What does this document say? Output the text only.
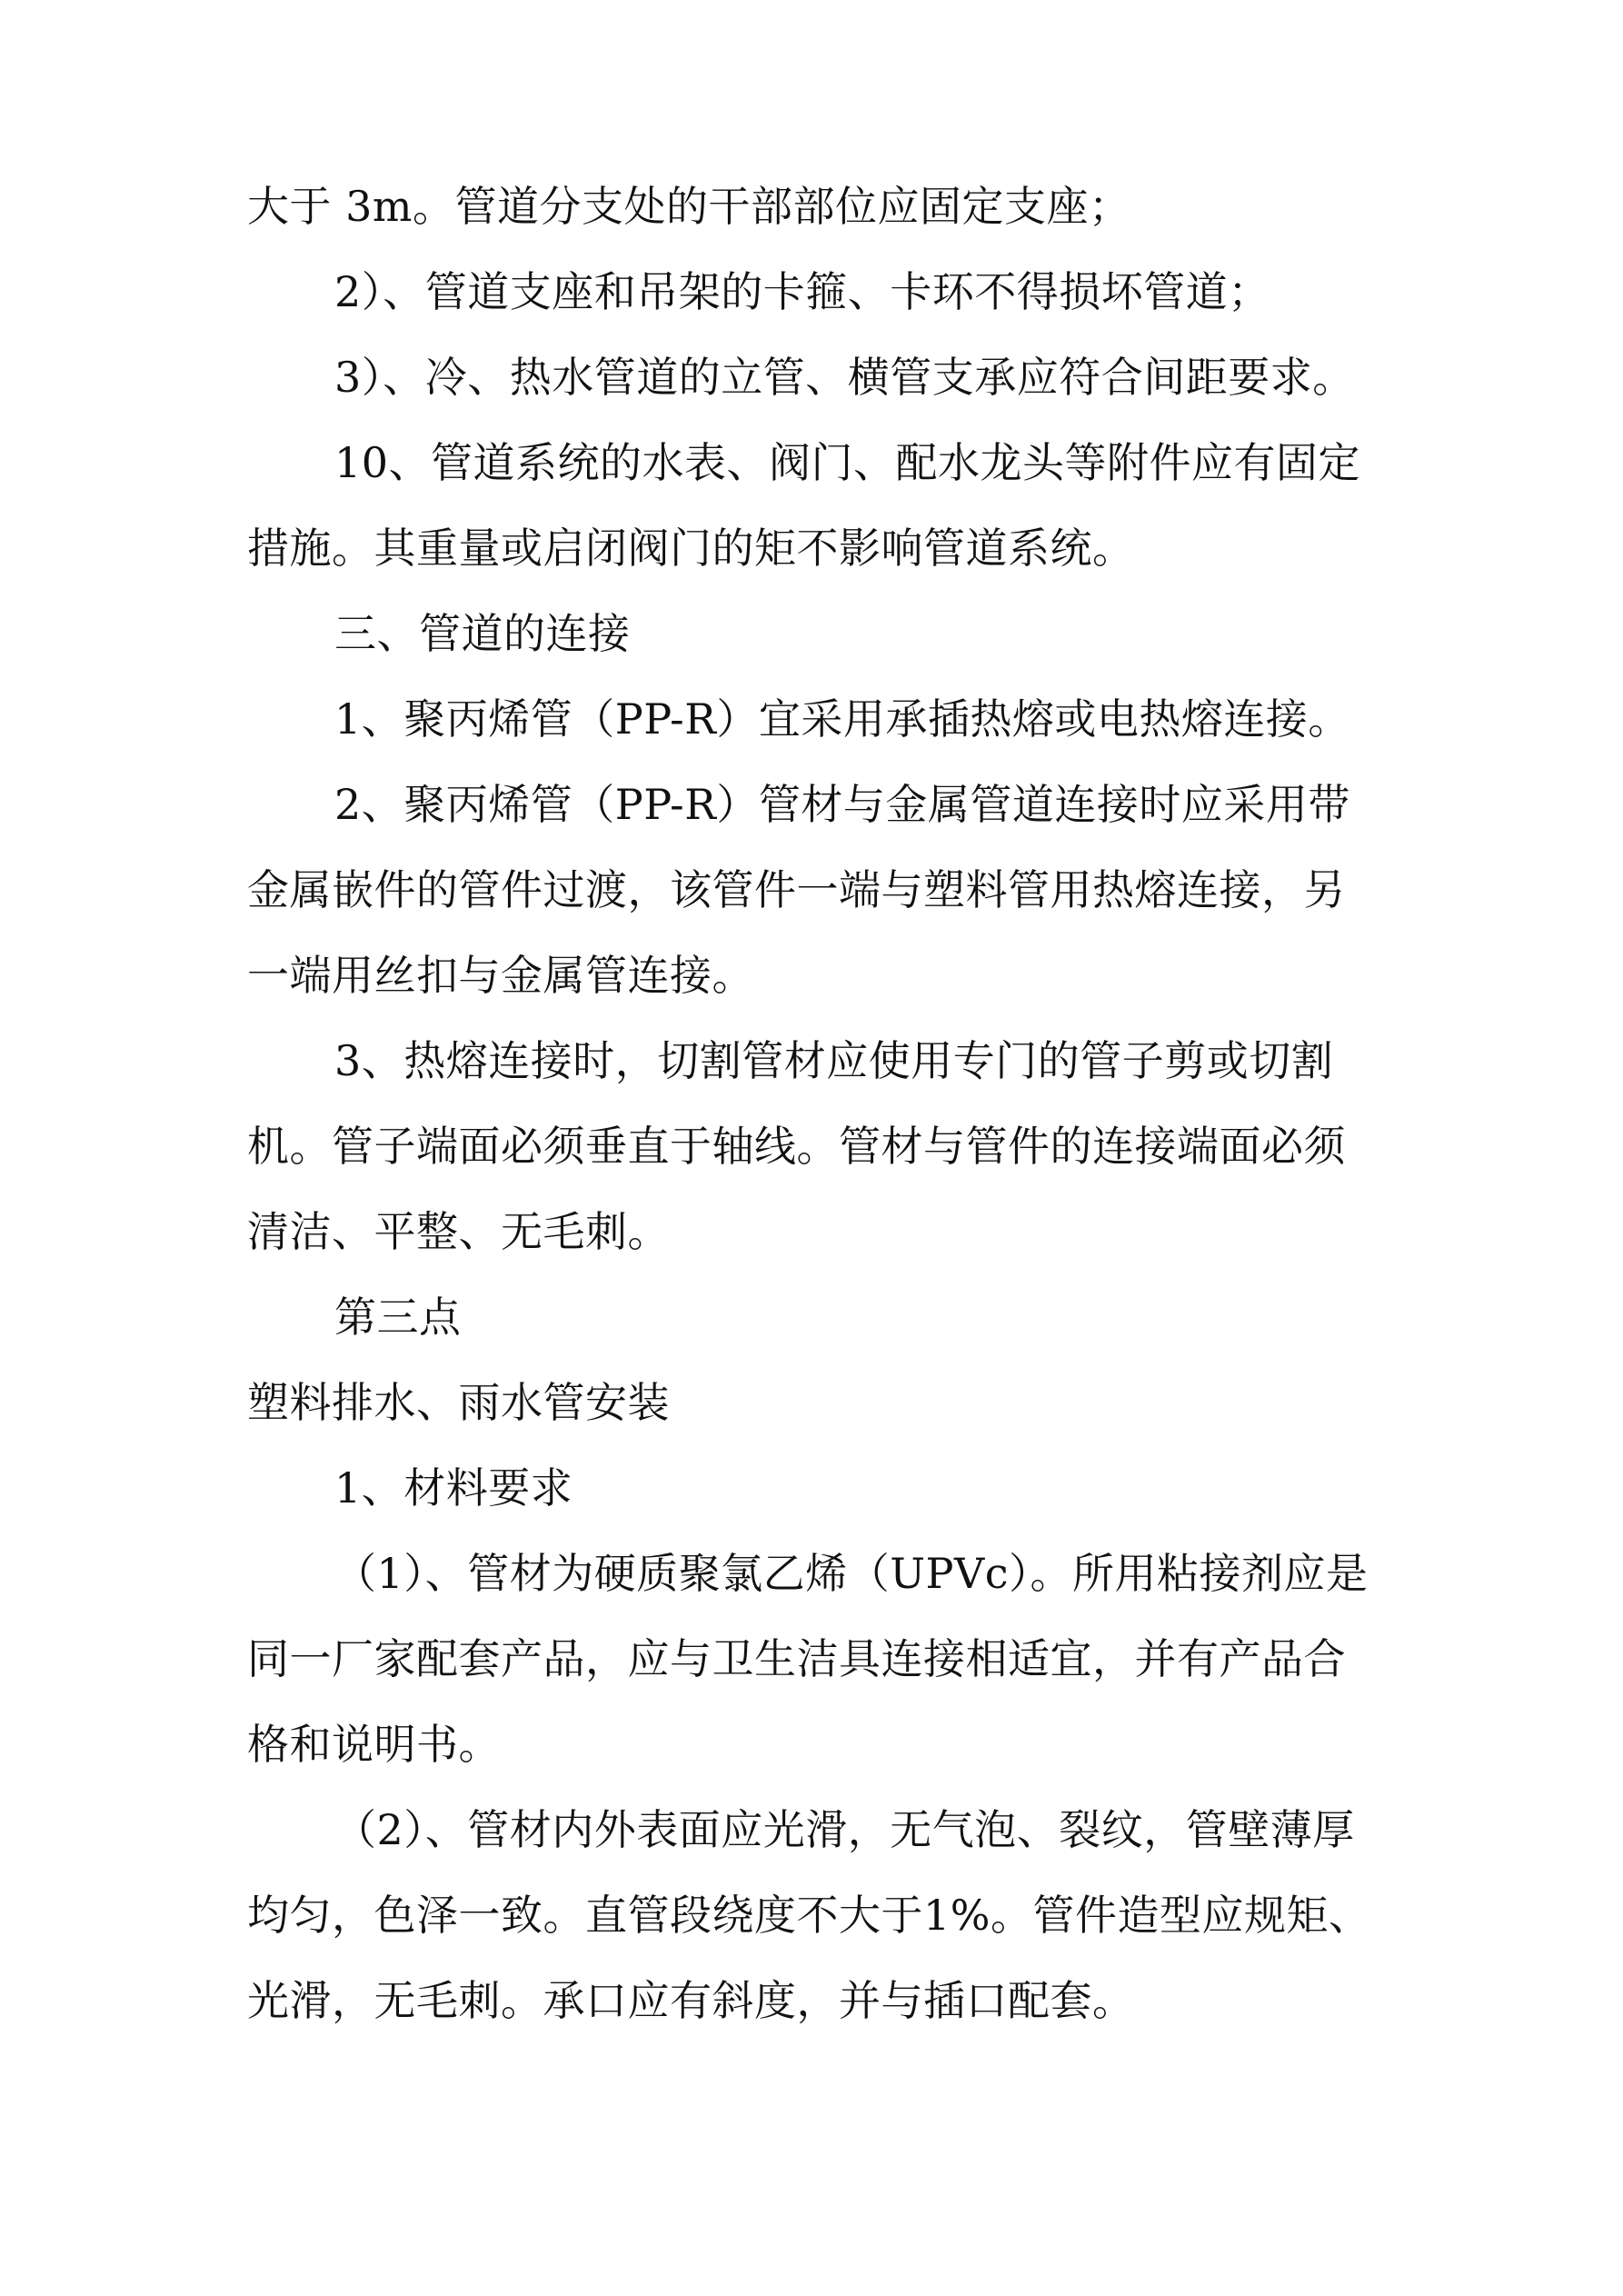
大于 3m。管道分支处的干部部位应固定支座；
2）、管道支座和吊架的卡箍、卡环不得损坏管道；
3）、冷、热水管道的立管、横管支承应符合间距要求。
10、管道系统的水表、阀门、配水龙头等附件应有固定
措施。其重量或启闭阀门的矩不影响管道系统。
三、管道的连接
1、聚丙烯管（PP-R）宜采用承插热熔或电热熔连接。
2、聚丙烯管（PP-R）管材与金属管道连接时应采用带
金属嵌件的管件过渡，该管件一端与塑料管用热熔连接，另
一端用丝扣与金属管连接。
3、热熔连接时，切割管材应使用专门的管子剪或切割
机。管子端面必须垂直于轴线。管材与管件的连接端面必须
清洁、平整、无毛刺。
第三点
塑料排水、雨水管安装
1、材料要求
（1）、管材为硬质聚氯乙烯（UPVc）。所用粘接剂应是
同一厂家配套产品，应与卫生洁具连接相适宜，并有产品合
格和说明书。
（2）、管材内外表面应光滑，无气泡、裂纹，管壁薄厚
均匀，色泽一致。直管段绕度不大于1%。管件造型应规矩、
光滑，无毛刺。承口应有斜度，并与插口配套。
